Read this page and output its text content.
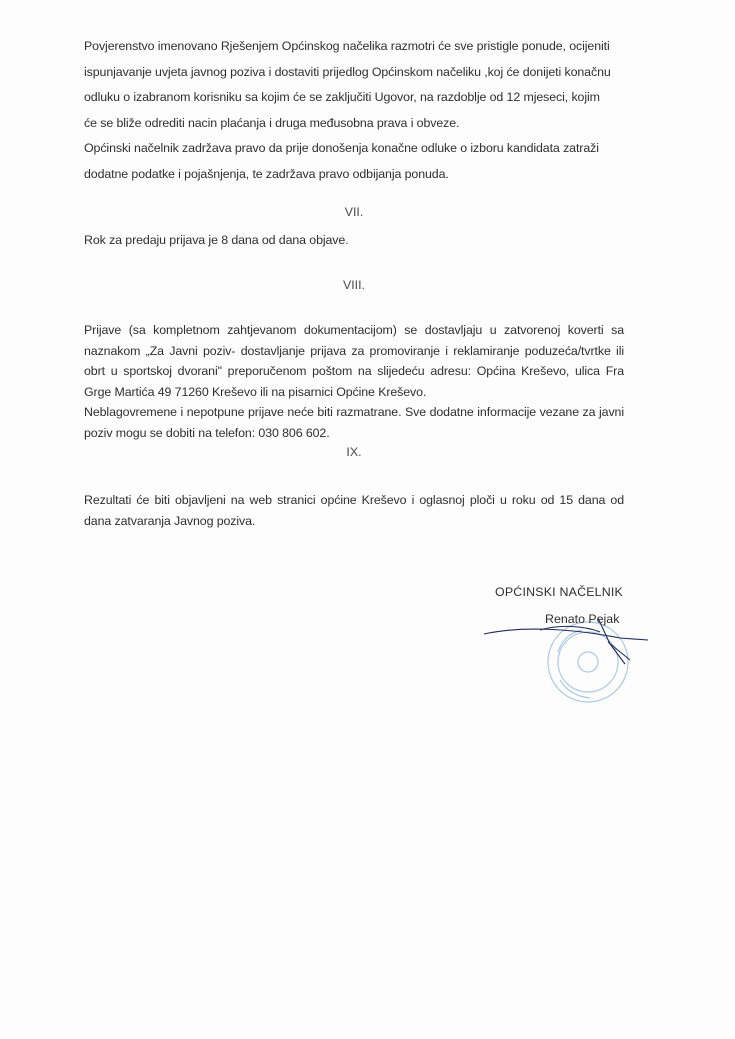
Povjerenstvo imenovano Rješenjem Općinskog načelika razmotri će sve pristigle ponude, ocijeniti
ispunjavanje uvjeta javnog poziva i dostaviti prijedlog Općinskom načeliku ,koj će donijeti konačnu
odluku o izabranom korisniku sa kojim će se zaključiti Ugovor, na razdoblje od 12 mjeseci, kojim
će se bliže odrediti nacin plaćanja i druga međusobna prava i obveze.
Općinski načelnik zadržava pravo da prije donošenja konačne odluke o izboru kandidata zatraži
dodatne podatke i pojašnjenja, te zadržava pravo odbijanja ponuda.
VII.

Rok za predaju prijava je 8 dana od dana objave.

VIII.

Prijave (sa kompletnom zahtjevanom dokumentacijom) se dostavljaju u zatvorenoj koverti sa naznakom „Za Javni poziv- dostavljanje prijava za promoviranje i reklamiranje poduzeća/tvrtke ili obrt u sportskoj dvorani" preporučenom poštom na slijedeću adresu: Općina Kreševo, ulica Fra Grge Martića 49 71260 Kreševo ili na pisarnici Općine Kreševo.

Neblagovremene i nepotpune prijave neće biti razmatrane. Sve dodatne informacije vezane za javni poziv mogu se dobiti na telefon: 030 806 602.

IX.

Rezultati će biti objavljeni na web stranici općine Kreševo i oglasnoj ploči u roku od 15 dana od dana zatvaranja Javnog poziva.

OPĆINSKI NAČELNIK
Renato Pejak
